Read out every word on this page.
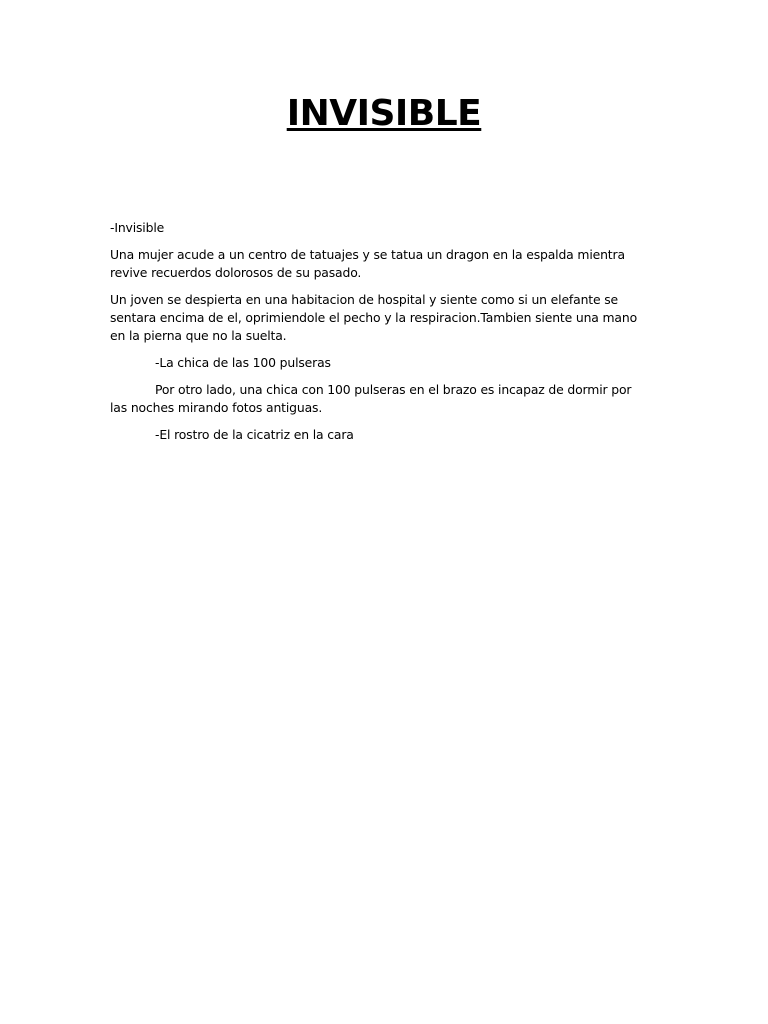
INVISIBLE

-Invisible

Una mujer acude a un centro de tatuajes y se tatua un dragon en la espalda mientra revive recuerdos dolorosos de su pasado.

Un joven se despierta en una habitacion de hospital y siente como si un elefante se sentara encima de el, oprimiendole el pecho y la respiracion.Tambien siente una mano en la pierna que no la suelta.

-La chica de las 100 pulseras

Por otro lado, una chica con 100 pulseras en el brazo es incapaz de dormir por las noches mirando fotos antiguas.

-El rostro de la cicatriz en la cara
